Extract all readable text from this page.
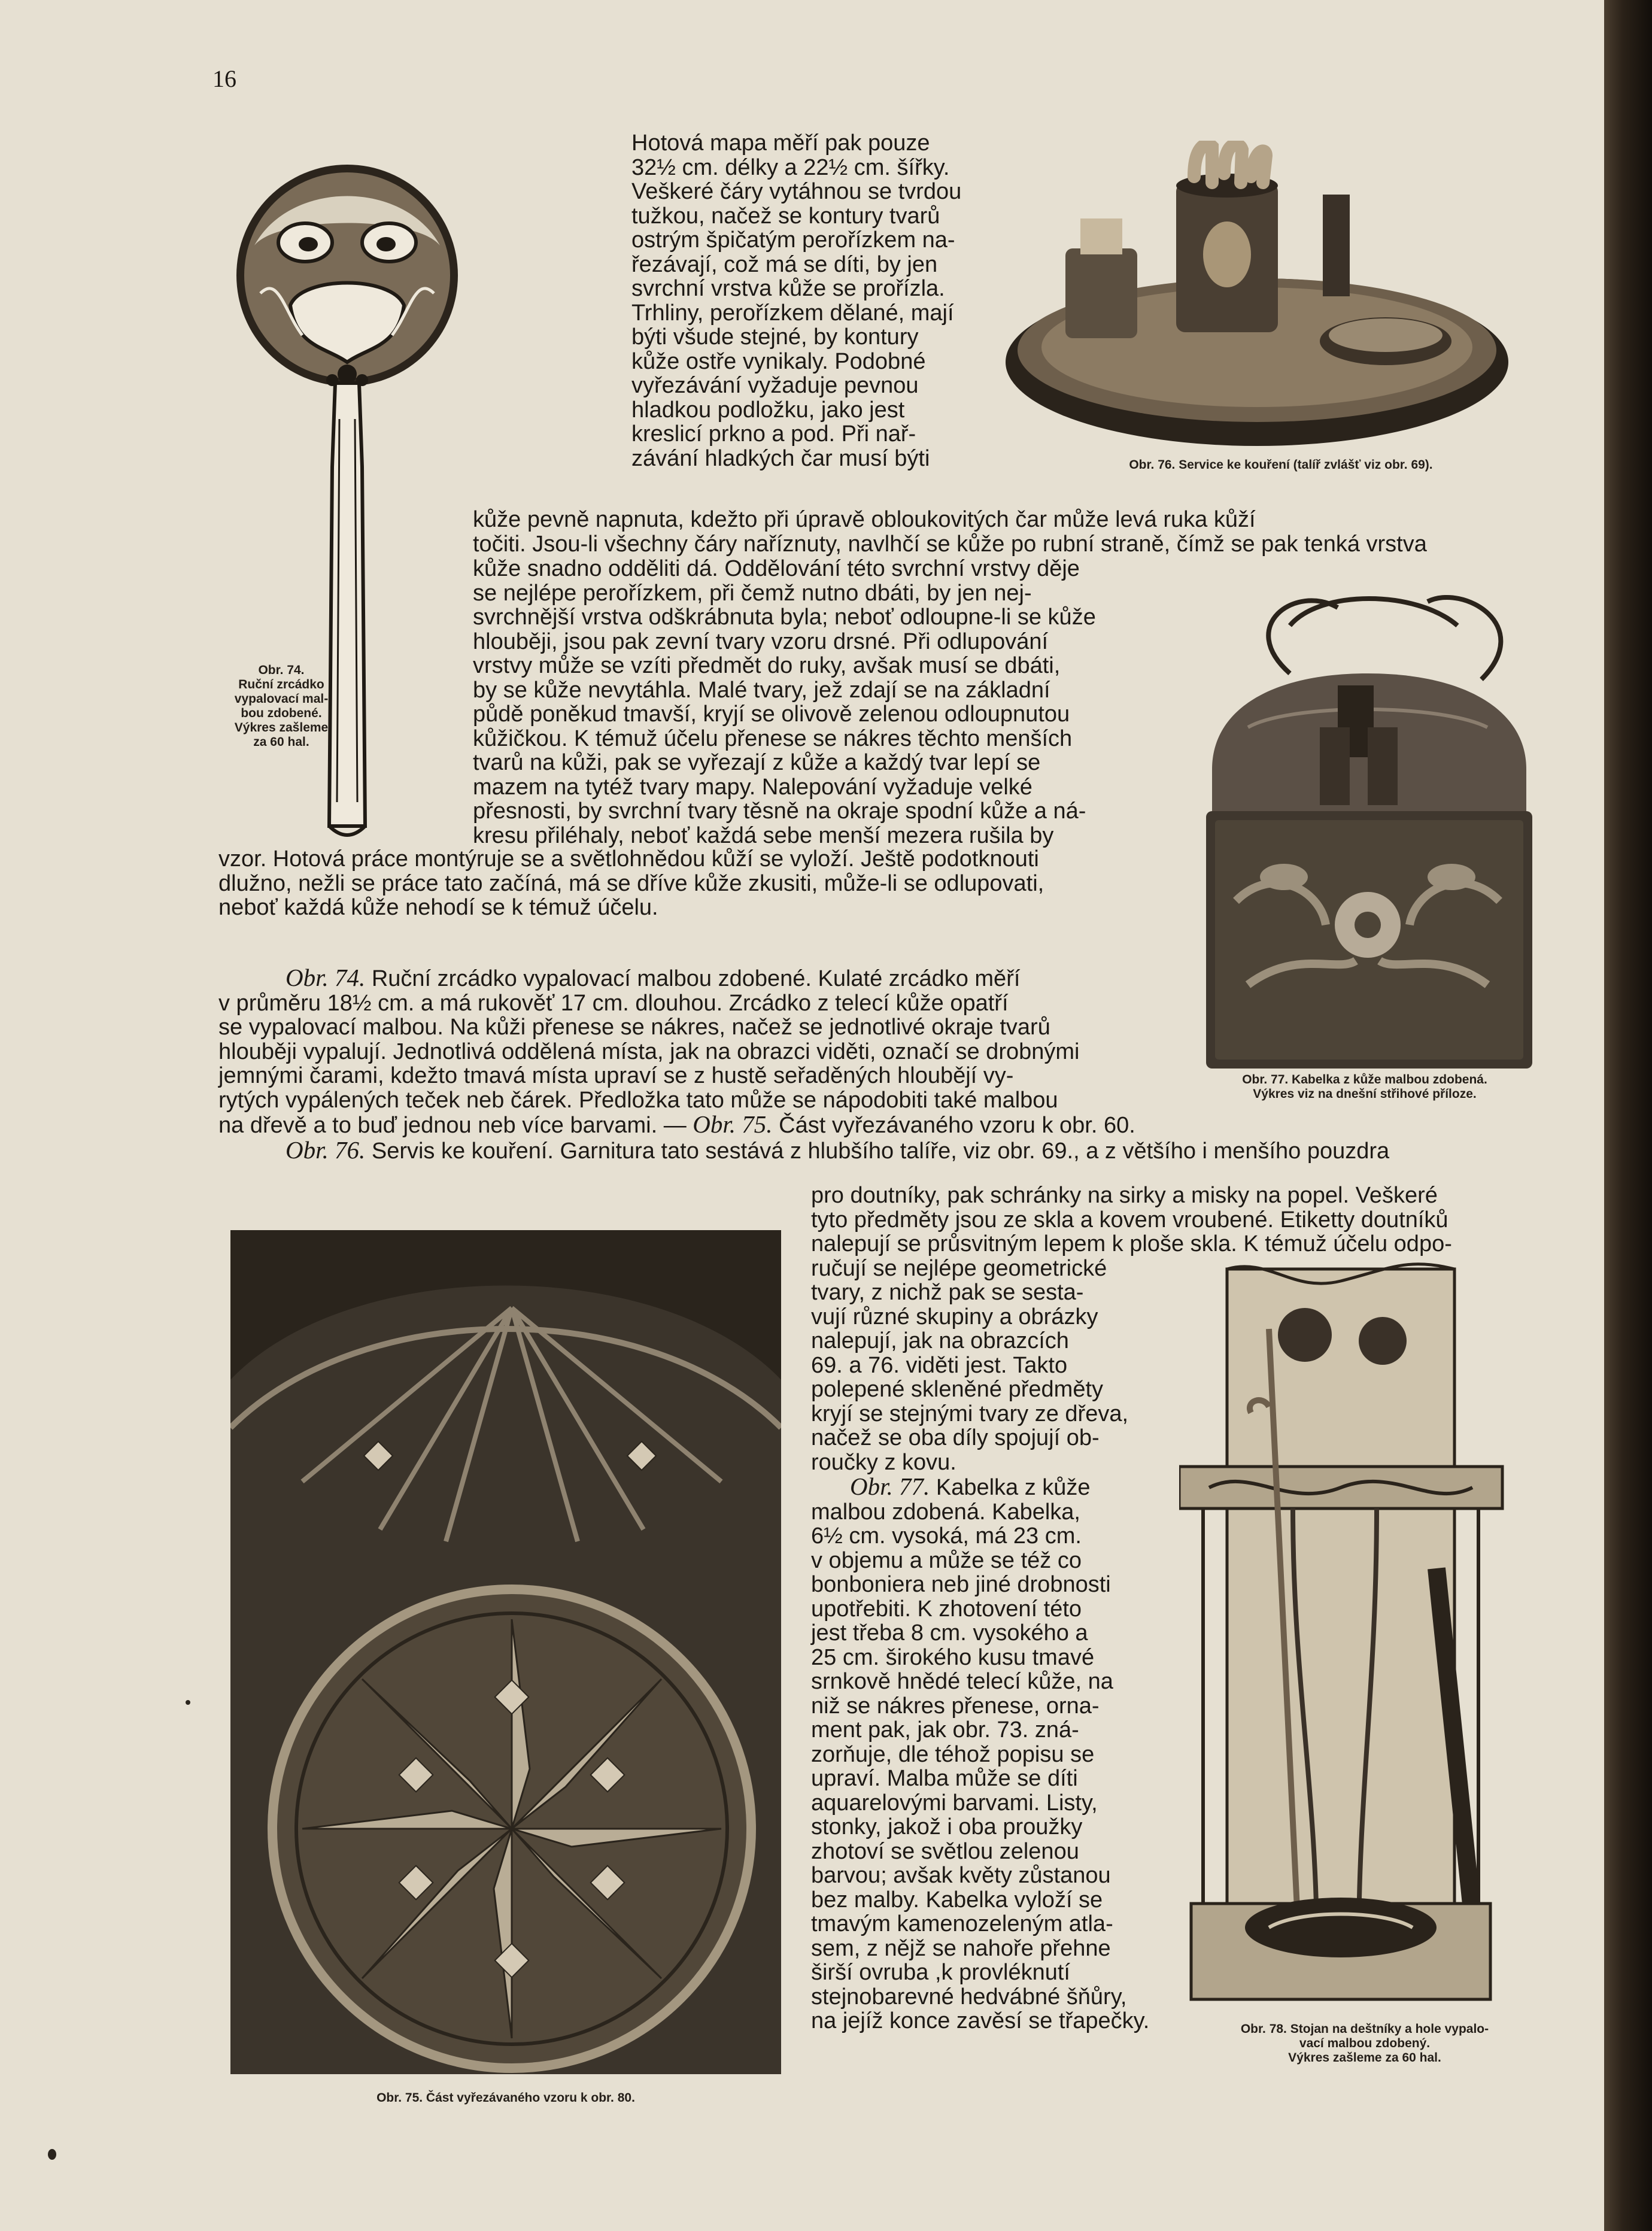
16
Hotová mapa měří pak pouze
32½ cm. délky a 22½ cm. šířky.
Veškeré čáry vytáhnou se tvrdou
tužkou, načež se kontury tvarů
ostrým špičatým perořízkem na-
řezávají, což má se díti, by jen
svrchní vrstva kůže se prořízla.
Trhliny, perořízkem dělané, mají
býti všude stejné, by kontury
kůže ostře vynikaly. Podobné
vyřezávání vyžaduje pevnou
hladkou podložku, jako jest
kreslicí prkno a pod. Při nař-
závání hladkých čar musí býti	Obr. 76. Service ke kouření (talíř zvlášť viz obr. 69).
kůže pevně napnuta, kdežto při úpravě obloukovitých čar může levá ruka kůží
točiti. Jsou-li všechny čáry naříznuty, navlhčí se kůže po rubní straně, čímž se pak tenká vrstva
kůže snadno odděliti dá. Oddělování této svrchní vrstvy děje
se nejlépe perořízkem, při čemž nutno dbáti, by jen nej-
svrchnější vrstva odškrábnuta byla; neboť odloupne-li se kůže
hlouběji, jsou pak zevní tvary vzoru drsné. Při odlupování
vrstvy může se vzíti předmět do ruky, avšak musí se dbáti,
by se kůže nevytáhla. Malé tvary, jež zdají se na základní
půdě poněkud tmavší, kryjí se olivově zelenou odloupnutou
kůžičkou. K témuž účelu přenese se nákres těchto menších
tvarů na kůži, pak se vyřezají z kůže a každý tvar lepí se
mazem na tytéž tvary mapy. Nalepování vyžaduje velké
přesnosti, by svrchní tvary těsně na okraje spodní kůže a ná-
kresu přiléhaly, neboť každá sebe menší mezera rušila by
Obr. 74.
Ruční zrcádko
vypalovací mal-
bou zdobené.
Výkres zašleme
za 60 hal.
vzor. Hotová práce montýruje se a světlohnědou kůží se vyloží. Ještě podotknouti
dlužno, nežli se práce tato začíná, má se dříve kůže zkusiti, může-li se odlupovati,
neboť každá kůže nehodí se k témuž účelu.
Obr. 74. Ruční zrcádko vypalovací malbou zdobené. Kulaté zrcádko měří
v průměru 18½ cm. a má rukověť 17 cm. dlouhou. Zrcádko z telecí kůže opatří
se vypalovací malbou. Na kůži přenese se nákres, načež se jednotlivé okraje tvarů
hlouběji vypalují. Jednotlivá oddělená místa, jak na obrazci viděti, označí se drobnými
jemnými čarami, kdežto tmavá místa upraví se z hustě seřaděných hloubějí vy-
rytých vypálených teček neb čárek. Předložka tato může se nápodobiti také malbou
na dřevě a to buď jednou neb více barvami. — Obr. 75. Část vyřezávaného vzoru k obr. 60.
Obr. 76. Servis ke kouření. Garnitura tato sestává z hlubšího talíře, viz obr. 69., a z většího i menšího pouzdra
Obr. 77. Kabelka z kůže malbou zdobená.
Výkres viz na dnešní střihové příloze.
pro doutníky, pak schránky na sirky a misky na popel. Veškeré
tyto předměty jsou ze skla a kovem vroubené. Etiketty doutníků
nalepují se průsvitným lepem k ploše skla. K témuž účelu odpo-
ručují se nejlépe geometrické
tvary, z nichž pak se sesta-
vují různé skupiny a obrázky
nalepují, jak na obrazcích
69. a 76. viděti jest. Takto
polepené skleněné předměty
kryjí se stejnými tvary ze dřeva,
načež se oba díly spojují ob-
roučky z kovu.
Obr. 77. Kabelka z kůže
malbou zdobená. Kabelka,
6½ cm. vysoká, má 23 cm.
v objemu a může se též co
bonboniera neb jiné drobnosti
upotřebiti. K zhotovení této
jest třeba 8 cm. vysokého a
25 cm. širokého kusu tmavé
srnkově hnědé telecí kůže, na
niž se nákres přenese, orna-
ment pak, jak obr. 73. zná-
zorňuje, dle téhož popisu se
upraví. Malba může se díti
aquarelovými barvami. Listy,
stonky, jakož i oba proužky
zhotoví se světlou zelenou
barvou; avšak květy zůstanou
bez malby. Kabelka vyloží se
tmavým kamenozeleným atla-
sem, z nějž se nahoře přehne
širší ovruba ,k provléknutí
stejnobarevné hedvábné šňůry,
na jejíž konce zavěsí se třapečky.	Obr. 78. Stojan na deštníky a hole vypalo-
vací malbou zdobený.
Výkres zašleme za 60 hal.
Obr. 75. Část vyřezávaného vzoru k obr. 80.
